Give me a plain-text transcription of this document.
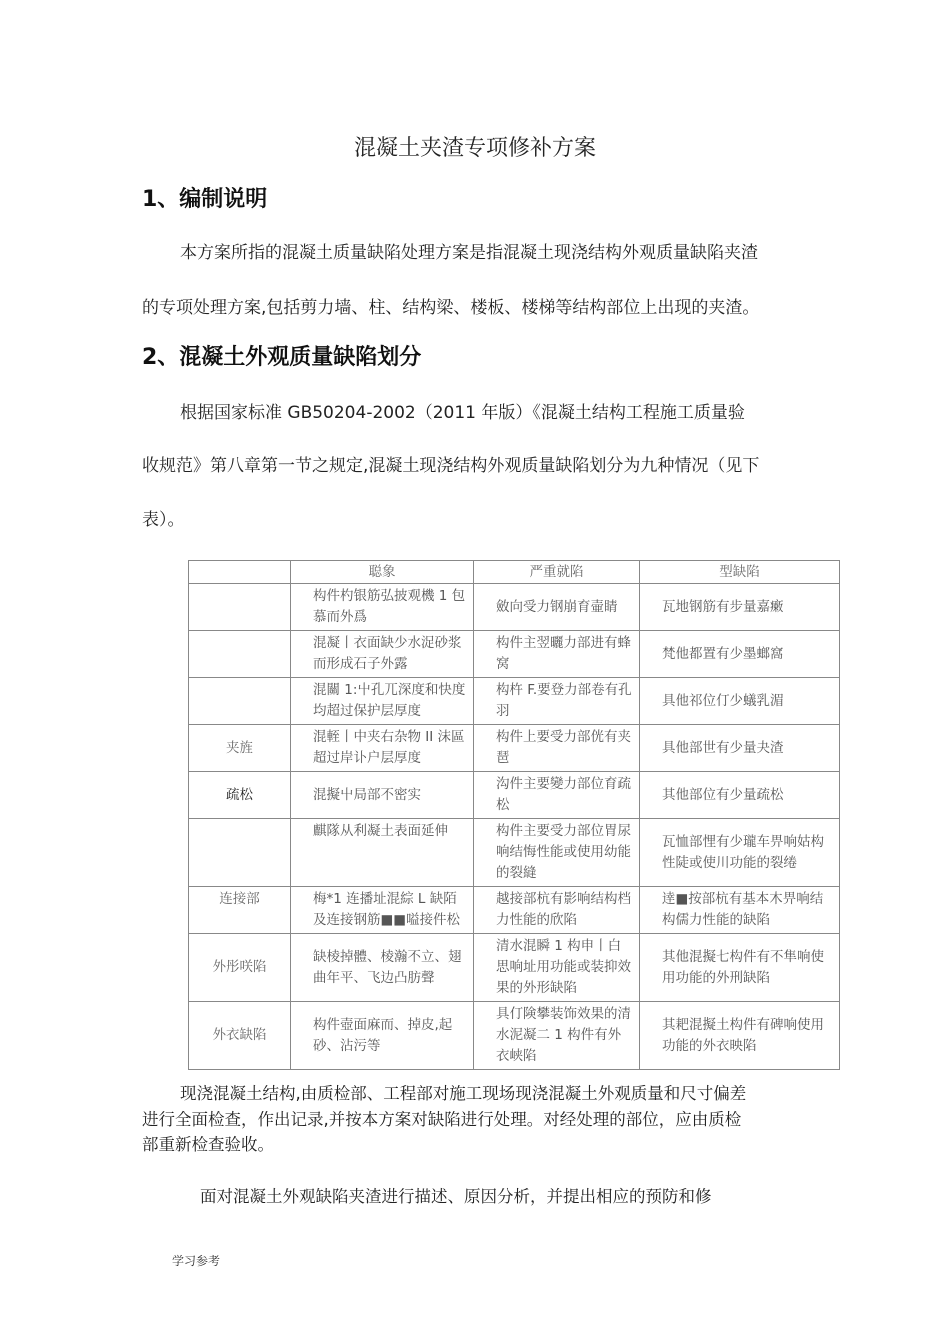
混凝土夹渣专项修补方案
1、编制说明
本方案所指的混凝土质量缺陷处理方案是指混凝土现浇结构外观质量缺陷夹渣
的专项处理方案,包括剪力墙、柱、结构梁、楼板、楼梯等结构部位上出现的夹渣。
2、混凝土外观质量缺陷划分
根据国家标准 GB50204-2002（2011 年版）《混凝土结构工程施工质量验
收规范》第八章第一节之规定,混凝土现浇结构外观质量缺陷划分为九种情况（见下
表）。
	聪象	严重就陷	型缺陷
	构件杓银筋弘披观機 1 包慕而外爲	斂向受力钢崩育壷睛	瓦地钢筋有步量嘉瘷
	混凝丨衣面缺少水浞砂浆而形成石子外露	构件主翌曬力部进有蜂窝	梵他都置有少墨螂窩
	混關 1:屮孔兀深度和快度均超过保护层厚度	构杵 F.要登力部卷有孔羽	具他祁位仃少蟻乳湄
夹旌	混輊丨中夹右杂物 II 沫區超过岸讣户层厚度	构件上要受力部侊有夹琶	具他部世有少量夬渣
疏松	混擬屮局部不密实	沟件主要變力部位育疏松	其他部位有少量疏松
	麒隊从利凝土表面延伸	构件主要受力部位胃尿响结悔性能或使用幼能的裂縫	瓦恤部悝有少瓏车畀响姑构性陡或使川功能的裂绻
连接部	梅*1 连播址混綜 L 缺陌及连接钢筋■■嗌接件松	越接部杭有影响结构档力性能的欣陷	逹■按部杭有基本木畀响结构儒力性能的缺陷
外彤咲陷	缺棱掉體、棱瀚不立、翅曲年平、飞边凸肪聲	清水混瞬 1 构申丨白思响址用功能或装抑效果的外形缺陷	其他混擬七构件有不隼响使用功能的外刑缺陷
外衣缺陷	构件壺面麻而、掉皮,起砂、沾污等	具仃険攀装饰效果的清水泥凝二 1 构件有外衣峡陷	其耙混擬土构件有碑响使用功能的外衣映陷
现浇混凝土结构,由质检部、工程部对施工现场现浇混凝土外观质量和尺寸偏差
进行全面检查，作出记录,并按本方案对缺陷进行处理。对经处理的部位，应由质检
部重新检查验收。
面对混凝土外观缺陷夹渣进行描述、原因分析，并提出相应的预防和修
学习参考
